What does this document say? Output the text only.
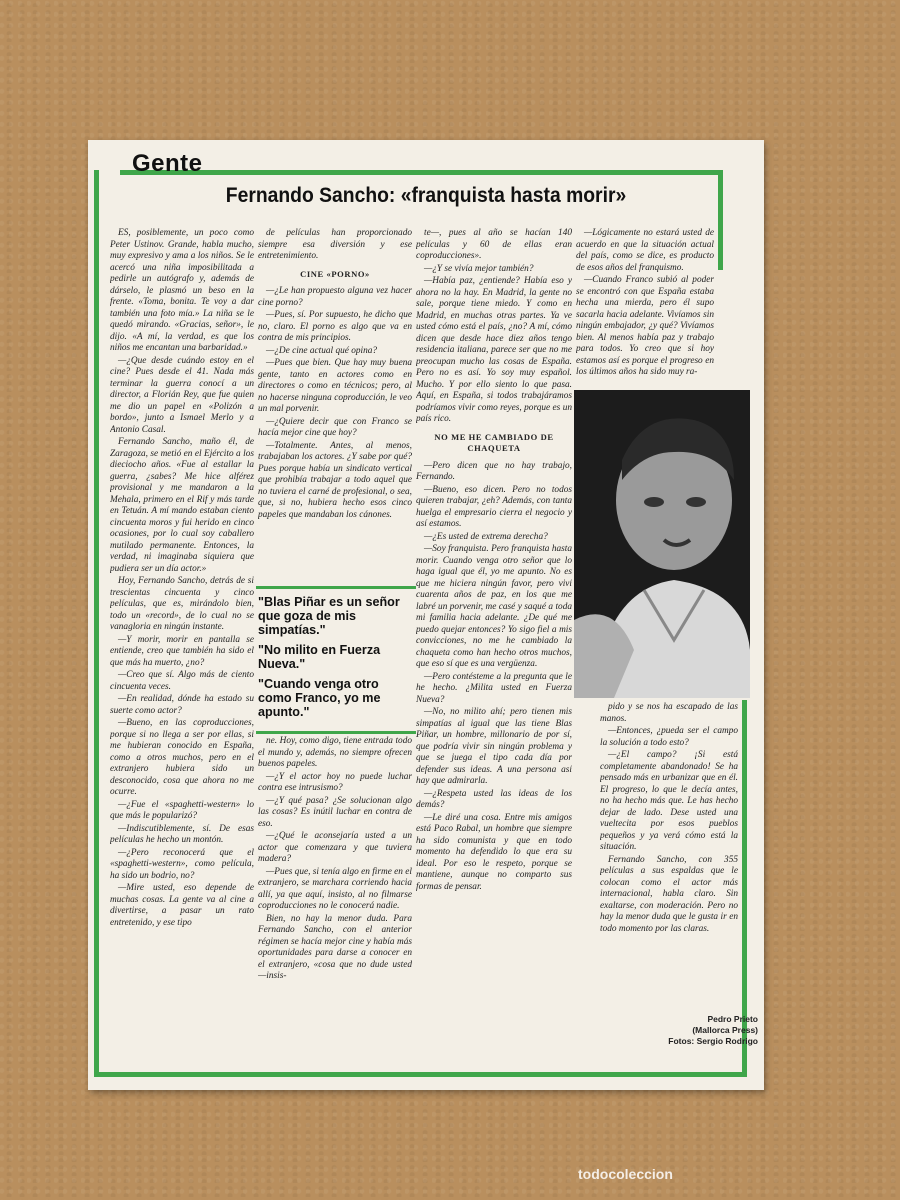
Gente
Fernando Sancho: «franquista hasta morir»

ES, posiblemente, un poco como Peter Ustinov. Grande, habla mucho, muy expresivo y ama a los niños. Se le acercó una niña imposibilitada a pedirle un autógrafo y, además de dárselo, le plasmó un beso en la frente. «Toma, bonita. Te voy a dar también una foto mía.» La niña se le quedó mirando. «Gracias, señor», le dijo. «A mí, la verdad, es que los niños me encantan una barbaridad.»

—¿Que desde cuándo estoy en el cine? Pues desde el 41. Nada más terminar la guerra conocí a un director, a Florián Rey, que fue quien me dio un papel en «Polizón a bordo», junto a Ismael Merlo y a Antonio Casal.

Fernando Sancho, maño él, de Zaragoza, se metió en el Ejército a los dieciocho años. «Fue al estallar la guerra, ¿sabes? Me hice alférez provisional y me mandaron a la Mehala, primero en el Rif y más tarde en Tetuán. A mí mando estaban ciento cincuenta moros y fui herido en cinco ocasiones, por lo cual soy caballero mutilado permanente. Entonces, la verdad, ni imaginaba siquiera que pudiera ser un día actor.»

Hoy, Fernando Sancho, detrás de si trescientas cincuenta y cinco películas, que es, mirándolo bien, todo un «record», de lo cual no se vanagloria en ningún instante.

—Y morir, morir en pantalla se entiende, creo que también ha sido el que más ha muerto, ¿no?

—Creo que sí. Algo más de ciento cincuenta veces.

—En realidad, dónde ha estado su suerte como actor?

—Bueno, en las coproducciones, porque si no llega a ser por ellas, si me hubieran conocido en España, como a otros muchos, pero en el extranjero hubiera sido un desconocido, cosa que ahora no me ocurre.

—¿Fue el «spaghetti-western» lo que más le popularizó?

—Indiscutiblemente, sí. De esas películas he hecho un montón.

—¿Pero reconocerá que el «spaghetti-western», como película, ha sido un bodrio, no?

—Mire usted, eso depende de muchas cosas. La gente va al cine a divertirse, a pasar un rato entretenido, y ese tipo

de películas han proporcionado siempre esa diversión y ese entretenimiento.

CINE «PORNO»

—¿Le han propuesto alguna vez hacer cine porno?

—Pues, sí. Por supuesto, he dicho que no, claro. El porno es algo que va en contra de mis principios.

—¿De cine actual qué opina?

—Pues que bien. Que hay muy buena gente, tanto en actores como en directores o como en técnicos; pero, al no hacerse ninguna coproducción, le veo un mal porvenir.

—¿Quiere decir que con Franco se hacía mejor cine que hoy?

—Totalmente. Antes, al menos, trabajaban los actores. ¿Y sabe por qué? Pues porque había un sindicato vertical que prohibía trabajar a todo aquel que no tuviera el carné de profesional, o sea, que, si no, hubiera hecho esos cinco papeles que mandaban los cánones.

"Blas Piñar es un señor que goza de mis simpatías."
"No milito en Fuerza Nueva."
"Cuando venga otro como Franco, yo me apunto."

ne. Hoy, como digo, tiene entrada todo el mundo y, además, no siempre ofrecen buenos papeles.

—¿Y el actor hoy no puede luchar contra ese intrusismo?

—¿Y qué pasa? ¿Se solucionan algo las cosas? Es inútil luchar en contra de eso.

—¿Qué le aconsejaría usted a un actor que comenzara y que tuviera madera?

—Pues que, si tenía algo en firme en el extranjero, se marchara corriendo hacia allí, ya que aquí, insisto, al no filmarse coproducciones no le conocerá nadie.

Bien, no hay la menor duda. Para Fernando Sancho, con el anterior régimen se hacía mejor cine y había más oportunidades para darse a conocer en el extranjero, «cosa que no dude usted —insis-

te—, pues al año se hacían 140 películas y 60 de ellas eran coproducciones».

—¿Y se vivía mejor también?

—Había paz, ¿entiende? Había eso y ahora no la hay. En Madrid, la gente no sale, porque tiene miedo. Y como en Madrid, en muchas otras partes. Ya ve usted cómo está el país, ¿no? A mí, cómo dicen que desde hace diez años tengo residencia italiana, parece ser que no me preocupan mucho las cosas de España. Pero no es así. Yo soy muy español. Mucho. Y por ello siento lo que pasa. Aquí, en España, si todos trabajáramos podríamos vivir como reyes, porque es un país rico.

NO ME HE CAMBIADO DE CHAQUETA

—Pero dicen que no hay trabajo, Fernando.

—Bueno, eso dicen. Pero no todos quieren trabajar, ¿eh? Además, con tanta huelga el empresario cierra el negocio y así estamos.

—¿Es usted de extrema derecha?

—Soy franquista. Pero franquista hasta morir. Cuando venga otro señor que lo haga igual que él, yo me apunto. No es que me hiciera ningún favor, pero viví cuarenta años de paz, en los que me labré un porvenir, me casé y saqué a toda mi familia hacia adelante. ¿De qué me puedo quejar entonces? Yo sigo fiel a mis convicciones, no me he cambiado la chaqueta como han hecho otros muchos, que eso sí que es una vergüenza.

—Pero contésteme a la pregunta que le he hecho. ¿Milita usted en Fuerza Nueva?

—No, no milito ahí; pero tienen mis simpatías al igual que las tiene Blas Piñar, un hombre, millonario de por sí, que podría vivir sin ningún problema y que se juega el tipo cada día por defender sus ideas. A una persona así hay que admirarla.

—¿Respeta usted las ideas de los demás?

—Le diré una cosa. Entre mis amigos está Paco Rabal, un hombre que siempre ha sido comunista y que en todo momento ha defendido lo que era su ideal. Por eso le respeto, porque se mantiene, aunque no comparto sus formas de pensar.

—Lógicamente no estará usted de acuerdo en que la situación actual del país, como se dice, es producto de esos años del franquismo.

—Cuando Franco subió al poder se encontró con que España estaba hecha una mierda, pero él supo sacarla hacia adelante. Vivíamos sin ningún embajador, ¿y qué? Vivíamos bien. Al menos había paz y trabajo para todos. Yo creo que si hoy estamos así es porque el progreso en los últimos años ha sido muy ra-

pido y se nos ha escapado de las manos.

—Entonces, ¿pueda ser el campo la solución a todo esto?

—¿El campo? ¡Si está completamente abandonado! Se ha pensado más en urbanizar que en él. El progreso, lo que le decía antes, no ha hecho más que. Le has hecho dejar de lado. Dese usted una vueltecita por esos pueblos pequeños y ya verá cómo está la situación.

Fernando Sancho, con 355 películas a sus espaldas que le colocan como el actor más internacional, habla claro. Sin exaltarse, con moderación. Pero no hay la menor duda que le gusta ir en todo momento por las claras.

Pedro Prieto
(Mallorca Press)
Fotos: Sergio Rodrigo
todocoleccion
